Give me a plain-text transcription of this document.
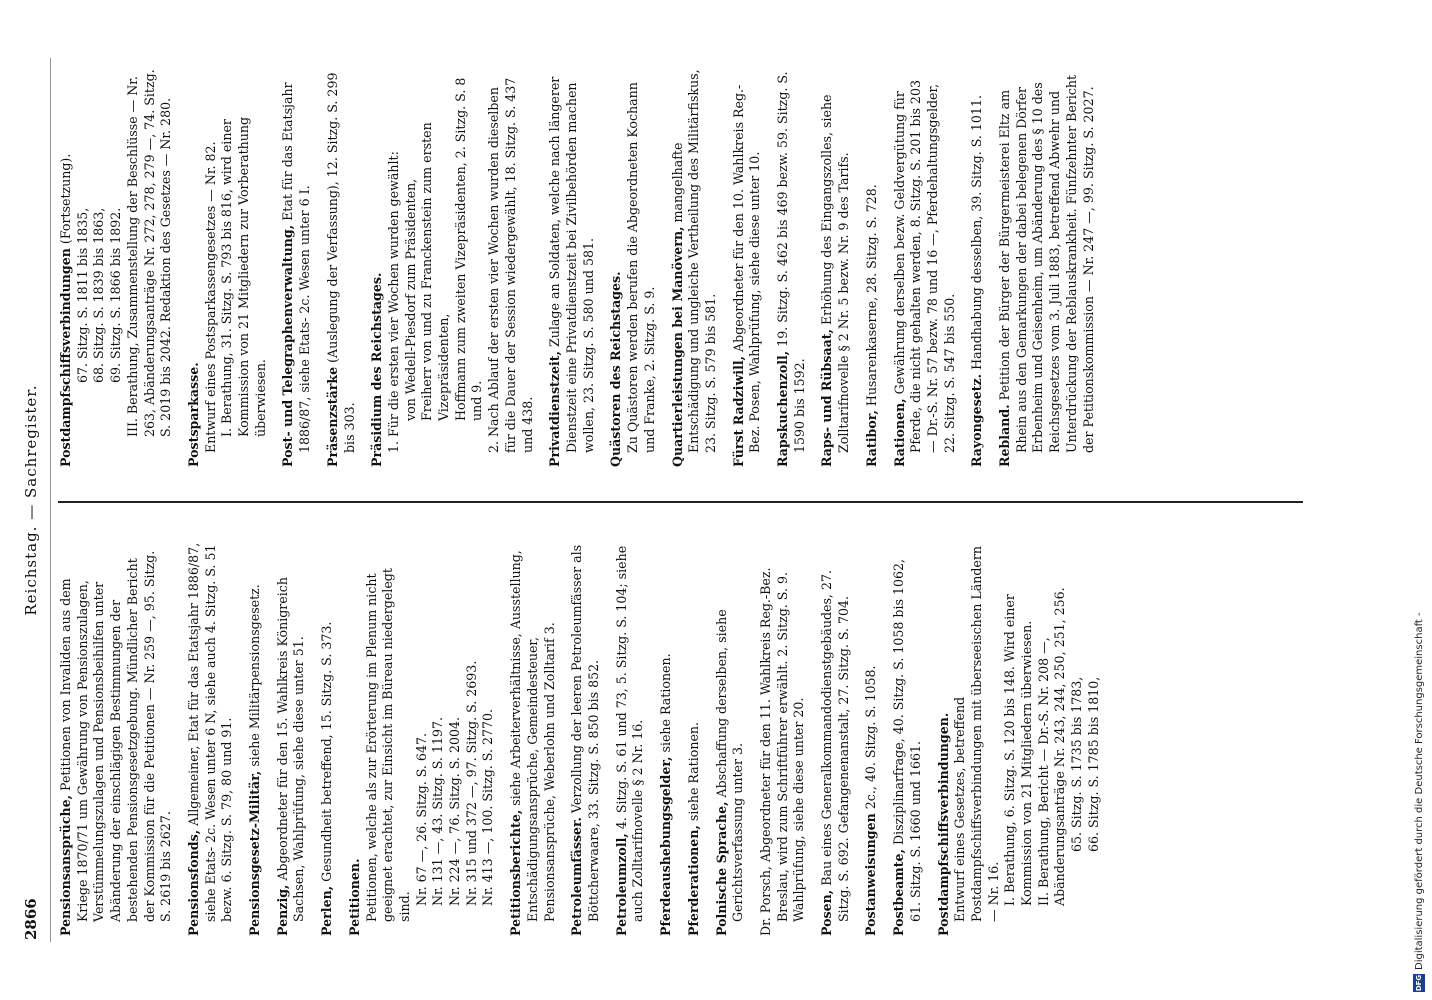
2866
Reichstag. — Sachregister.

Pensionsansprüche, Petitionen von Invaliden aus dem Kriege 1870/71 um Gewährung von Pensionszulagen, Verstümmelungszulagen und Pensionsbeihilfen unter Abänderung der einschlägigen Bestimmungen der bestehenden Pensionsgesetzgebung. Mündlicher Bericht der Kommission für die Petitionen — Nr. 259 —, 95. Sitzg. S. 2619 bis 2627. Pensionsfonds, Allgemeiner, Etat für das Etatsjahr 1886/87, siehe Etats- 2c. Wesen unter 6 N, siehe auch 4. Sitzg. S. 51 bezw. 6. Sitzg. S. 79, 80 und 91. Pensionsgesetz-Militär, siehe Militärpensionsgesetz.

Penzig, Abgeordneter für den 15. Wahlkreis Königreich Sachsen, Wahlprüfung, siehe diese unter 51. Perlen, Gesundheit betreffend, 15. Sitzg. S. 373.

Petitionen. Petitionen, welche als zur Erörterung im Plenum nicht geeignet erachtet, zur Einsicht im Büreau niedergelegt sind.

Nr. 67 —, 26. Sitzg. S. 647. Nr. 131 —, 43. Sitzg. S. 1197. Nr. 224 —, 76. Sitzg. S. 2004. Nr. 315 und 372 —, 97. Sitzg. S. 2693. Nr. 413 —, 100. Sitzg. S. 2770. Petitionsberichte, siehe Arbeiterverhältnisse, Ausstellung, Entschädigungsansprüche, Gemeindesteuer, Pensionsansprüche, Weberlohn und Zolltarif 3. Petroleumfässer. Verzollung der leeren Petroleumfässer als Böttcherwaare, 33. Sitzg. S. 850 bis 852. Petroleumzoll, 4. Sitzg. S. 61 und 73, 5. Sitzg. S. 104; siehe auch Zolltarifnovelle § 2 Nr. 16. Pferdeaushebungsgelder, siehe Rationen.

Pferderationen, siehe Rationen.

Polnische Sprache, Abschaffung derselben, siehe Gerichtsverfassung unter 3. Dr. Porsch, Abgeordneter für den 11. Wahlkreis Reg.-Bez. Breslau, wird zum Schriftführer erwählt. 2. Sitzg. S. 9. Wahlprüfung, siehe diese unter 20. Posen, Bau eines Generalkommandodienstgebäudes, 27. Sitzg. S. 692. Gefangenenanstalt, 27. Sitzg. S. 704. Postanweisungen 2c., 40. Sitzg. S. 1058.

Postbeamte, Disziplinarfrage, 40. Sitzg. S. 1058 bis 1062, 61. Sitzg. S. 1660 und 1661. Postdampfschiffsverbindungen. Entwurf eines Gesetzes, betreffend Postdampfschiffsverbindungen mit überseeischen Ländern — Nr. 16. I. Berathung, 6. Sitzg. S. 120 bis 148. Wird einer Kommission von 21 Mitgliedern überwiesen. II. Berathung, Bericht — Dr.-S. Nr. 208 —, Abänderungsanträge Nr. 243, 244, 250, 251, 256. 65. Sitzg. S. 1735 bis 1783, 66. Sitzg. S. 1785 bis 1810,

Postdampfschiffsverbindungen (Fortsetzung).

67. Sitzg. S. 1811 bis 1835, 68. Sitzg. S. 1839 bis 1863, 69. Sitzg. S. 1866 bis 1892. III. Berathung, Zusammenstellung der Beschlüsse — Nr. 263, Abänderungsanträge Nr. 272, 278, 279 —, 74. Sitzg. S. 2019 bis 2042. Redaktion des Gesetzes — Nr. 280. Postsparkasse. Entwurf eines Postsparkassengesetzes — Nr. 82. I. Berathung, 31. Sitzg. S. 793 bis 816, wird einer Kommission von 21 Mitgliedern zur Vorberathung überwiesen. Post- und Telegraphenverwaltung, Etat für das Etatsjahr 1886/87, siehe Etats- 2c. Wesen unter 6 I. Präsenzstärke (Auslegung der Verfassung), 12. Sitzg. S. 299 bis 303. Präsidium des Reichstages. 1. Für die ersten vier Wochen wurden gewählt: von Wedell-Piesdorf zum Präsidenten, Freiherr von und zu Franckenstein zum ersten Vizepräsidenten, Hoffmann zum zweiten Vizepräsidenten, 2. Sitzg. S. 8 und 9. 2. Nach Ablauf der ersten vier Wochen wurden dieselben für die Dauer der Session wiedergewählt, 18. Sitzg. S. 437 und 438. Privatdienstzeit, Zulage an Soldaten, welche nach längerer Dienstzeit eine Privatdienstzeit bei Zivilbehörden machen wollen, 23. Sitzg. S. 580 und 581. Quästoren des Reichstages. Zu Quästoren werden berufen die Abgeordneten Kochann und Franke, 2. Sitzg. S. 9. Quartierleistungen bei Manövern, mangelhafte Entschädigung und ungleiche Vertheilung des Militärfiskus, 23. Sitzg. S. 579 bis 581. Fürst Radziwill, Abgeordneter für den 10. Wahlkreis Reg.-Bez. Posen, Wahlprüfung, siehe diese unter 10. Rapskuchenzoll, 19. Sitzg. S. 462 bis 469 bezw. 59. Sitzg. S. 1590 bis 1592. Raps- und Rübsaat, Erhöhung des Eingangszolles, siehe Zolltarifnovelle § 2 Nr. 5 bezw. Nr. 9 des Tarifs. Ratibor, Husarenkaserne, 28. Sitzg. S. 728.

Rationen, Gewährung derselben bezw. Geldvergütung für Pferde, die nicht gehalten werden, 8. Sitzg. S. 201 bis 203 — Dr.-S. Nr. 57 bezw. 78 und 16 —, Pferdehaltungsgelder, 22. Sitzg. S. 547 bis 550. Rayongesetz. Handhabung desselben, 39. Sitzg. S. 1011.

Rebland. Petition der Bürger der Bürgermeisterei Eltz am Rhein aus den Gemarkungen der dabei belegenen Dörfer Erbenheim und Geisenheim, um Abänderung des § 10 des Reichsgesetzes vom 3. Juli 1883, betreffend Abwehr und Unterdrückung der Reblauskrankheit. Fünfzehnter Bericht der Petitionskommission — Nr. 247 —, 99. Sitzg. S. 2027.

DFG
Digitalisierung gefördert durch die Deutsche Forschungsgemeinschaft -
